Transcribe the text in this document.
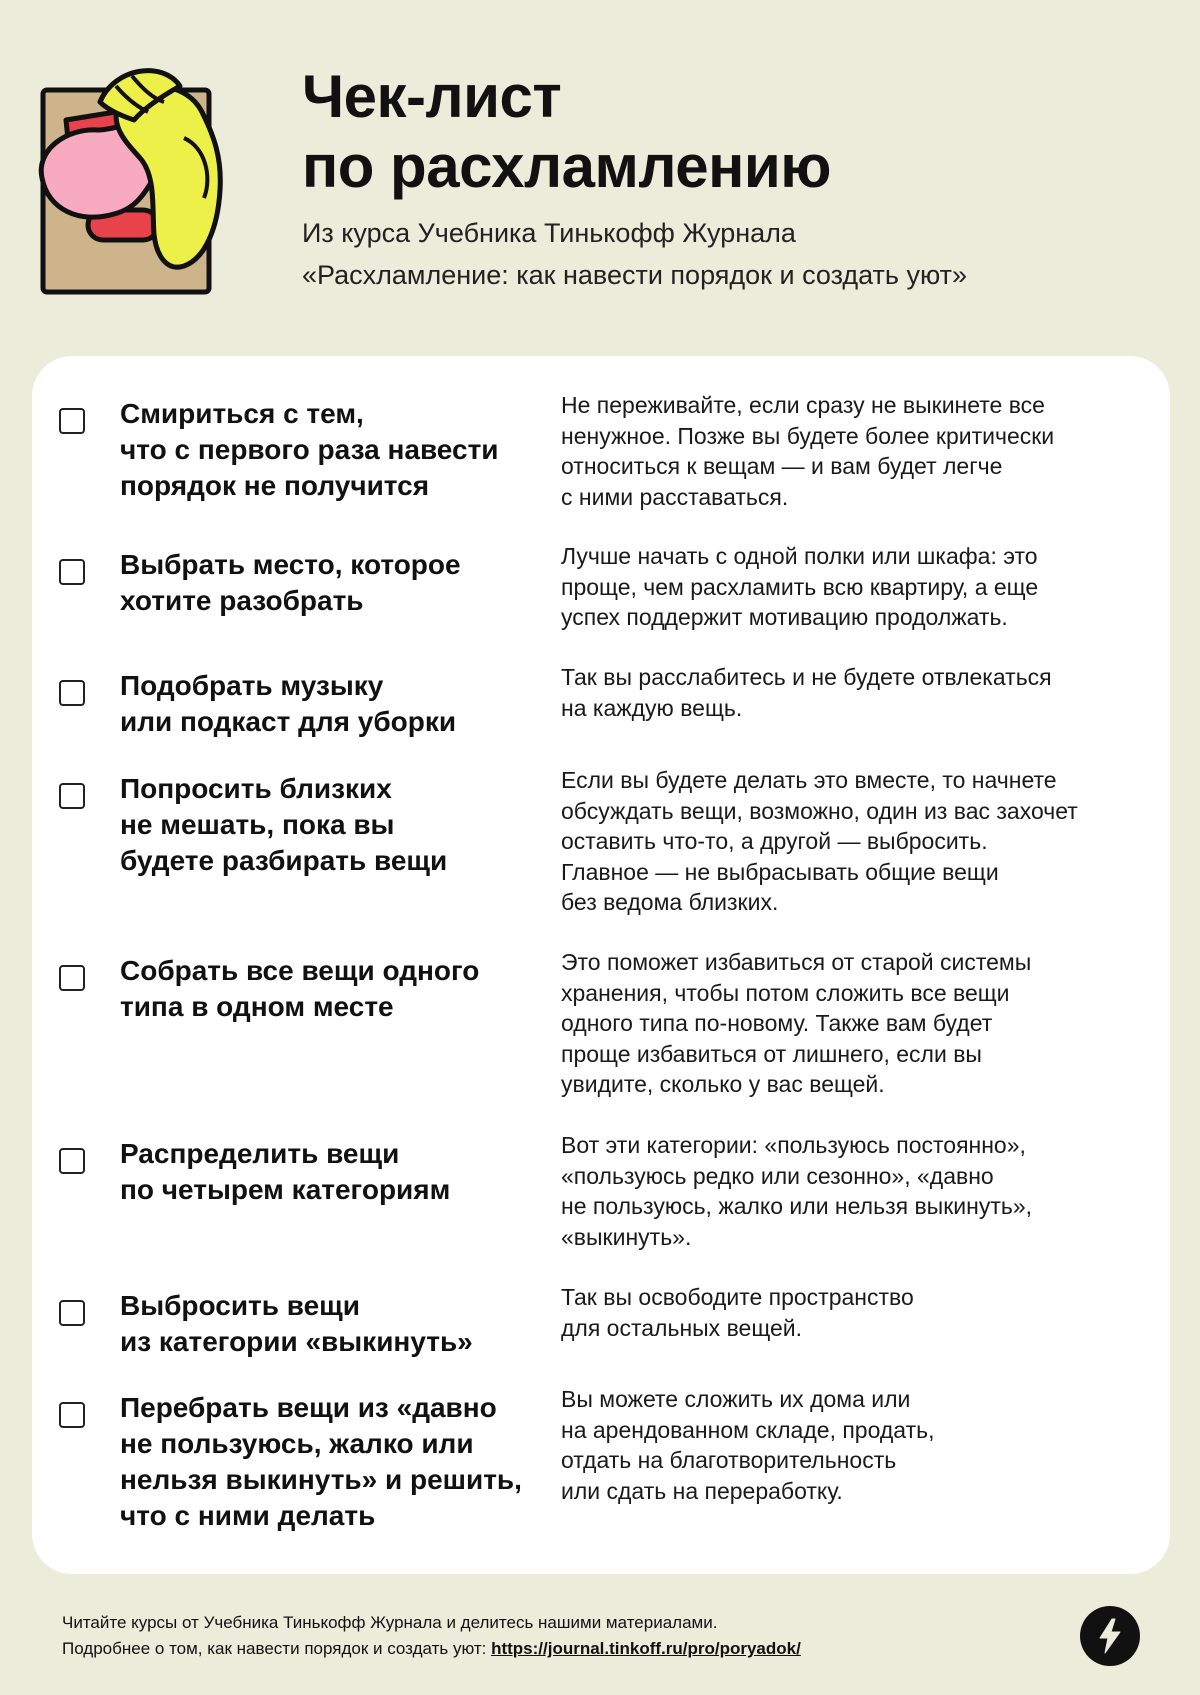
Чек-лист
по расхламлению
Из курса Учебника Тинькофф Журнала
«Расхламление: как навести порядок и создать уют»
Смириться с тем,
что с первого раза навести
порядок не получится
Не переживайте, если сразу не выкинете все
ненужное. Позже вы будете более критически
относиться к вещам — и вам будет легче
с ними расставаться.
Выбрать место, которое
хотите разобрать
Лучше начать с одной полки или шкафа: это
проще, чем расхламить всю квартиру, а еще
успех поддержит мотивацию продолжать.
Подобрать музыку
или подкаст для уборки
Так вы расслабитесь и не будете отвлекаться
на каждую вещь.
Попросить близких
не мешать, пока вы
будете разбирать вещи
Если вы будете делать это вместе, то начнете
обсуждать вещи, возможно, один из вас захочет
оставить что-то, а другой — выбросить.
Главное — не выбрасывать общие вещи
без ведома близких.
Собрать все вещи одного
типа в одном месте
Это поможет избавиться от старой системы
хранения, чтобы потом сложить все вещи
одного типа по-новому. Также вам будет
проще избавиться от лишнего, если вы
увидите, сколько у вас вещей.
Распределить вещи
по четырем категориям
Вот эти категории: «пользуюсь постоянно»,
«пользуюсь редко или сезонно», «давно
не пользуюсь, жалко или нельзя выкинуть»,
«выкинуть».
Выбросить вещи
из категории «выкинуть»
Так вы освободите пространство
для остальных вещей.
Перебрать вещи из «давно
не пользуюсь, жалко или
нельзя выкинуть» и решить,
что с ними делать
Вы можете сложить их дома или
на арендованном складе, продать,
отдать на благотворительность
или сдать на переработку.
Читайте курсы от Учебника Тинькофф Журнала и делитесь нашими материалами.
Подробнее о том, как навести порядок и создать уют: https://journal.tinkoff.ru/pro/poryadok/
